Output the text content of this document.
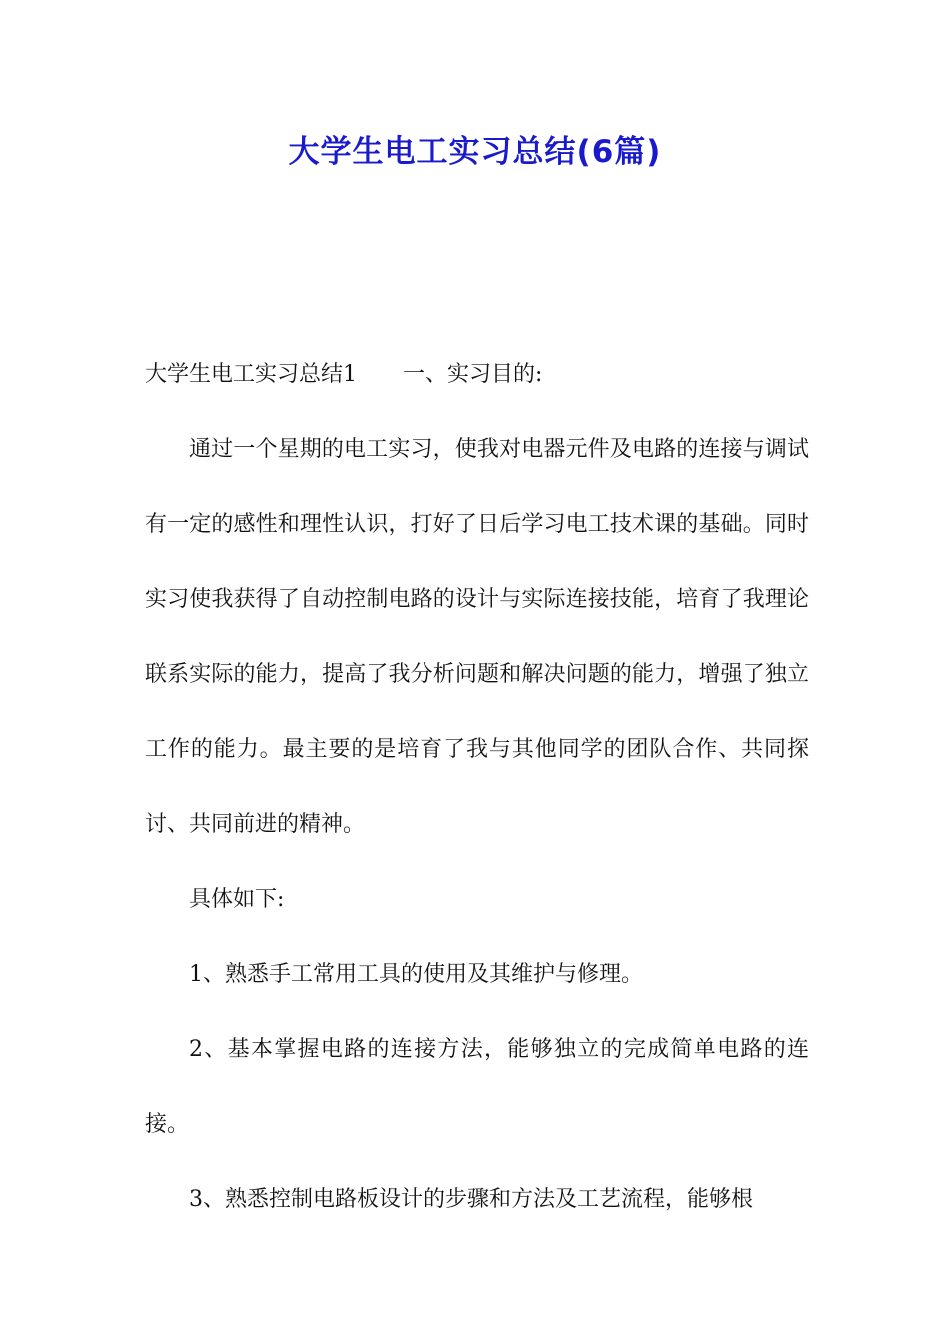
大学生电工实习总结(6篇)

大学生电工实习总结1 一、实习目的:

通过一个星期的电工实习，使我对电器元件及电路的连接与调试有一定的感性和理性认识，打好了日后学习电工技术课的基础。同时实习使我获得了自动控制电路的设计与实际连接技能，培育了我理论联系实际的能力，提高了我分析问题和解决问题的能力，增强了独立工作的能力。最主要的是培育了我与其他同学的团队合作、共同探讨、共同前进的精神。

具体如下:

1、熟悉手工常用工具的使用及其维护与修理。

2、基本掌握电路的连接方法，能够独立的完成简单电路的连接。

3、熟悉控制电路板设计的步骤和方法及工艺流程，能够根
